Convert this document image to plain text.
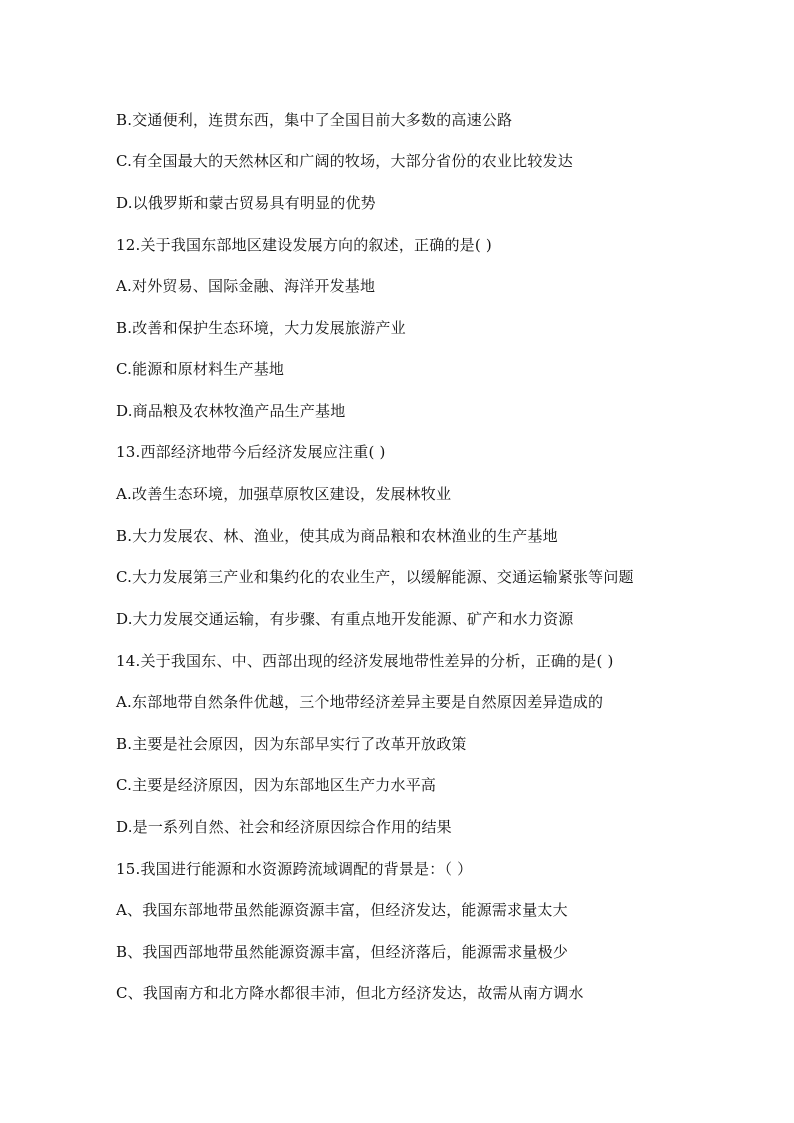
B.交通便利，连贯东西，集中了全国目前大多数的高速公路
C.有全国最大的天然林区和广阔的牧场，大部分省份的农业比较发达
D.以俄罗斯和蒙古贸易具有明显的优势
12.关于我国东部地区建设发展方向的叙述，正确的是( )
A.对外贸易、国际金融、海洋开发基地
B.改善和保护生态环境，大力发展旅游产业
C.能源和原材料生产基地
D.商品粮及农林牧渔产品生产基地
13.西部经济地带今后经济发展应注重( )
A.改善生态环境，加强草原牧区建设，发展林牧业
B.大力发展农、林、渔业，使其成为商品粮和农林渔业的生产基地
C.大力发展第三产业和集约化的农业生产，以缓解能源、交通运输紧张等问题
D.大力发展交通运输，有步骤、有重点地开发能源、矿产和水力资源
14.关于我国东、中、西部出现的经济发展地带性差异的分析，正确的是( )
A.东部地带自然条件优越，三个地带经济差异主要是自然原因差异造成的
B.主要是社会原因，因为东部早实行了改革开放政策
C.主要是经济原因，因为东部地区生产力水平高
D.是一系列自然、社会和经济原因综合作用的结果
15.我国进行能源和水资源跨流域调配的背景是：（ ）
A、我国东部地带虽然能源资源丰富，但经济发达，能源需求量太大
B、我国西部地带虽然能源资源丰富，但经济落后，能源需求量极少
C、我国南方和北方降水都很丰沛，但北方经济发达，故需从南方调水
